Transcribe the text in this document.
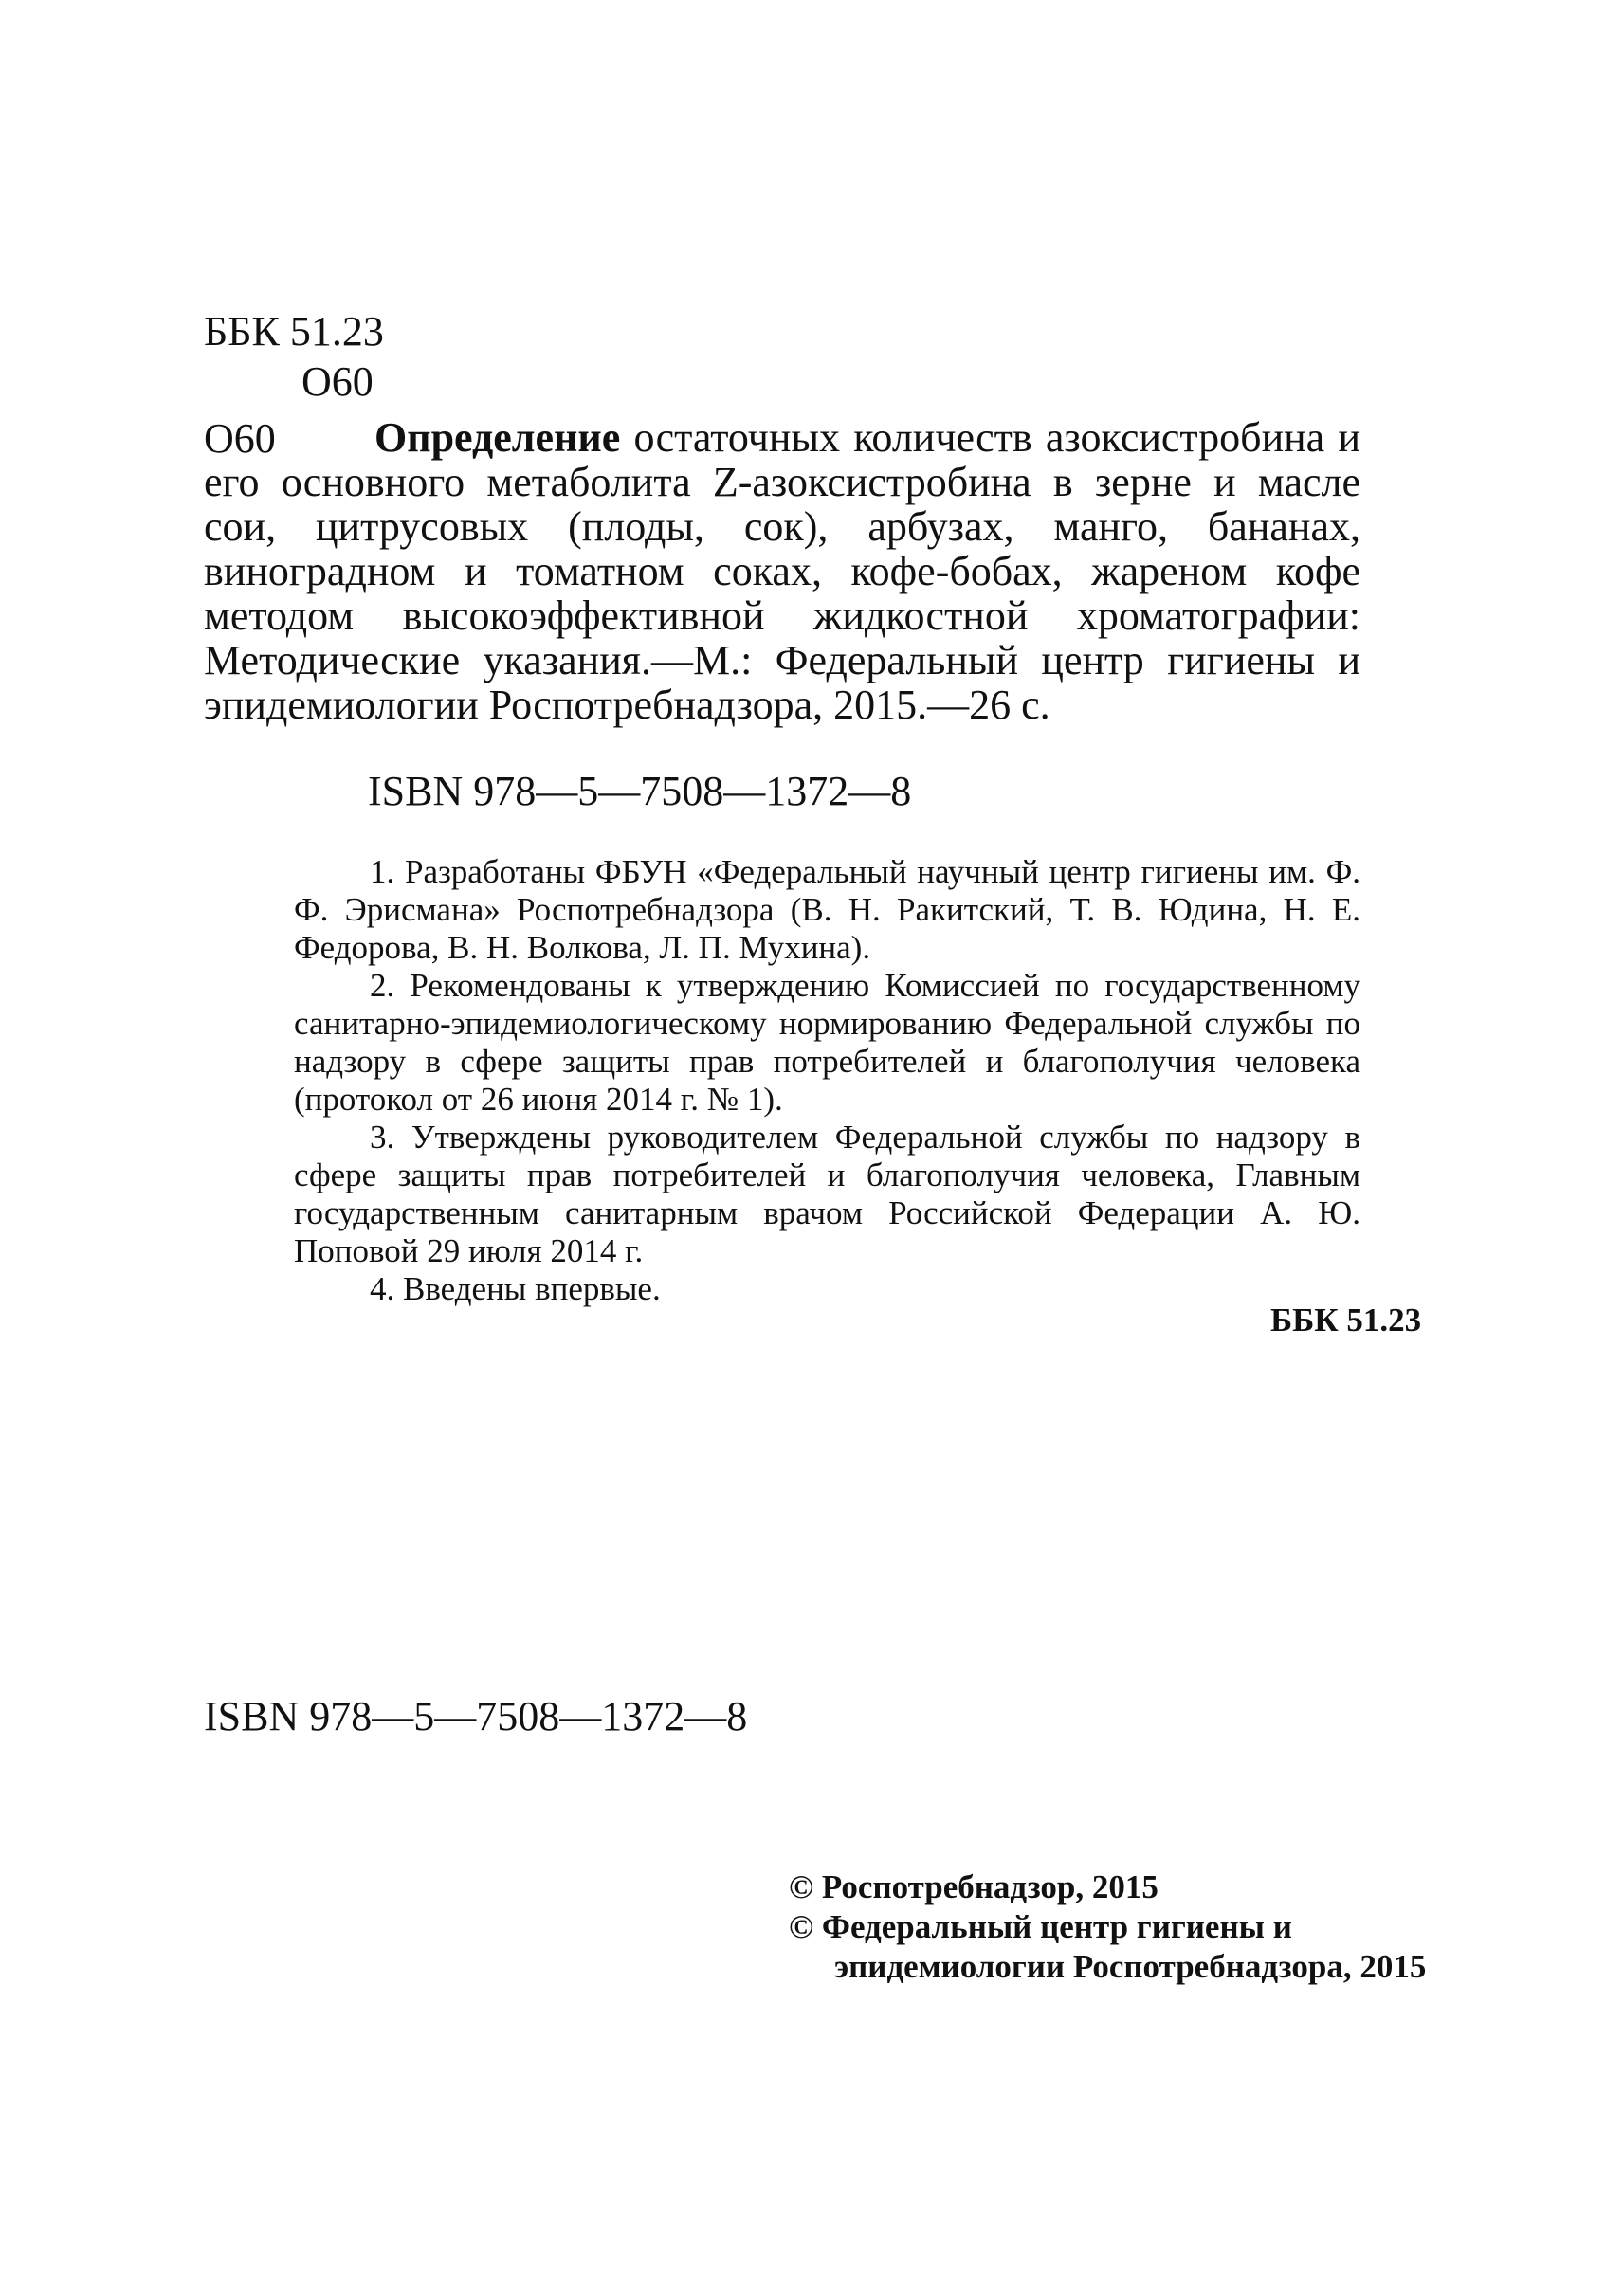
ББК 51.23
О60
О60	Определение остаточных количеств азоксистробина и его основного метаболита Z-азоксистробина в зерне и масле сои, цитрусовых (плоды, сок), арбузах, манго, бананах, виноградном и томатном соках, кофе-бобах, жареном кофе методом высокоэффективной жидкостной хроматографии: Методические указания.—М.: Федеральный центр гигиены и эпидемиологии Роспотребнадзора, 2015.—26 с.

ISBN 978—5—7508—1372—8

1. Разработаны ФБУН «Федеральный научный центр гигиены им. Ф. Ф. Эрисмана» Роспотребнадзора (В. Н. Ракитский, Т. В. Юдина, Н. Е. Федорова, В. Н. Волкова, Л. П. Мухина).

2. Рекомендованы к утверждению Комиссией по государственному санитарно-эпидемиологическому нормированию Федеральной службы по надзору в сфере защиты прав потребителей и благополучия человека (протокол от 26 июня 2014 г. № 1).

3. Утверждены руководителем Федеральной службы по надзору в сфере защиты прав потребителей и благополучия человека, Главным государственным санитарным врачом Российской Федерации А. Ю. Поповой 29 июля 2014 г.

4. Введены впервые.

ББК 51.23
ISBN 978—5—7508—1372—8
© Роспотребнадзор, 2015
© Федеральный центр гигиены и
эпидемиологии Роспотребнадзора, 2015
